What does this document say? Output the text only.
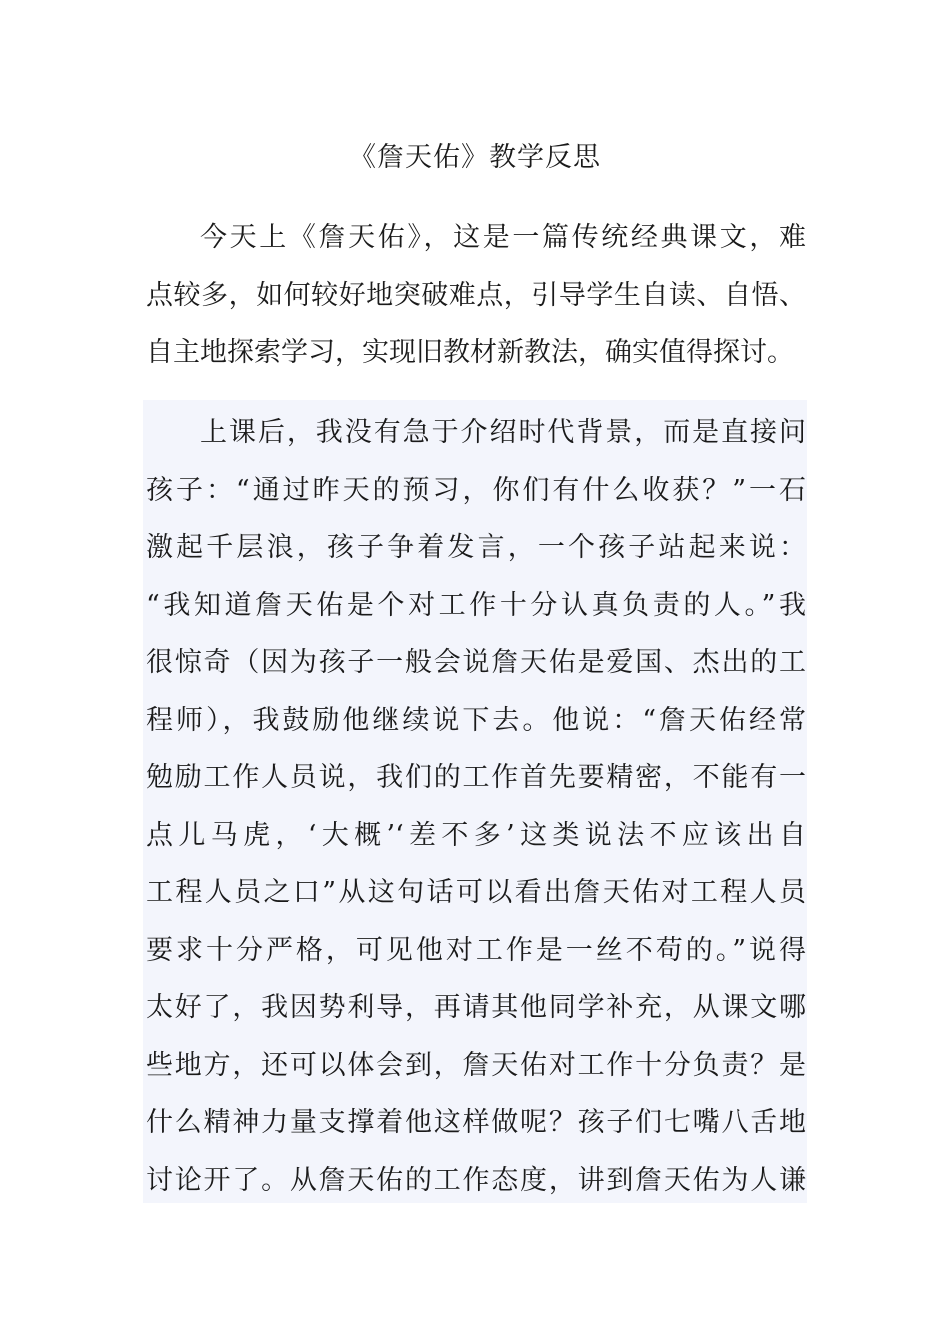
《詹天佑》教学反思
今天上《詹天佑》，这是一篇传统经典课文，难
点较多，如何较好地突破难点，引导学生自读、自悟、
自主地探索学习，实现旧教材新教法，确实值得探讨。
上课后，我没有急于介绍时代背景，而是直接问
孩子：“通过昨天的预习，你们有什么收获？”一石
激起千层浪，孩子争着发言，一个孩子站起来说：
“我知道詹天佑是个对工作十分认真负责的人。”我
很惊奇（因为孩子一般会说詹天佑是爱国、杰出的工
程师），我鼓励他继续说下去。他说：“詹天佑经常
勉励工作人员说，我们的工作首先要精密，不能有一
点儿马虎，‘大概’‘差不多’这类说法不应该出自
工程人员之口”从这句话可以看出詹天佑对工程人员
要求十分严格，可见他对工作是一丝不苟的。”说得
太好了，我因势利导，再请其他同学补充，从课文哪
些地方，还可以体会到，詹天佑对工作十分负责？是
什么精神力量支撑着他这样做呢？孩子们七嘴八舌地
讨论开了。从詹天佑的工作态度，讲到詹天佑为人谦
